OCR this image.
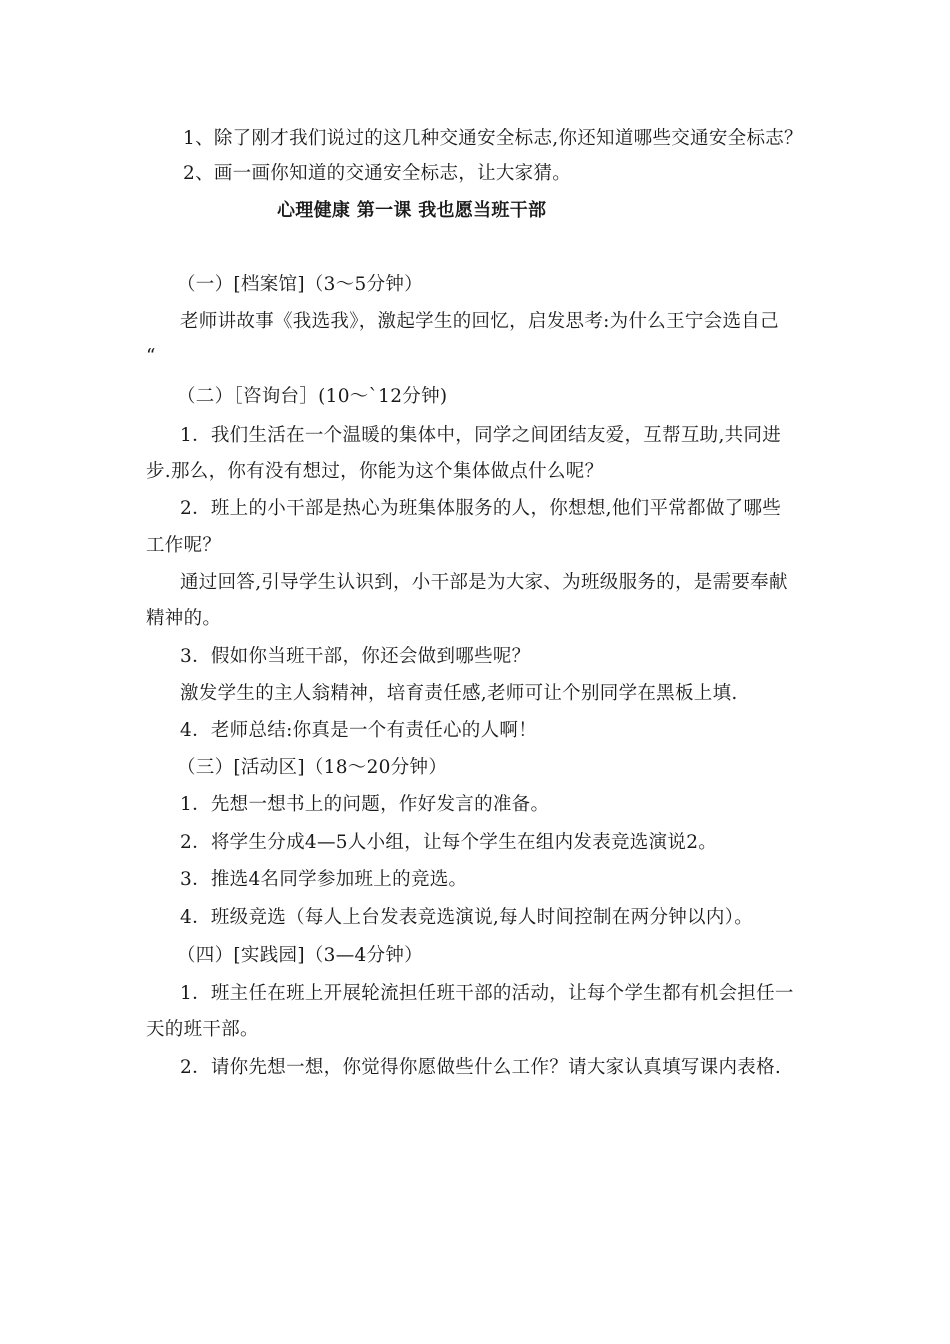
1、除了刚才我们说过的这几种交通安全标志,你还知道哪些交通安全标志？
2、画一画你知道的交通安全标志，让大家猜。
心理健康 第一课 我也愿当班干部
（一）[档案馆]（3～5分钟）
老师讲故事《我选我》，激起学生的回忆，启发思考:为什么王宁会选自己
“
（二）［咨询台］(10～`12分钟)
1．我们生活在一个温暖的集体中，同学之间团结友爱，互帮互助,共同进
步.那么，你有没有想过，你能为这个集体做点什么呢？
2．班上的小干部是热心为班集体服务的人，你想想,他们平常都做了哪些
工作呢？
通过回答,引导学生认识到，小干部是为大家、为班级服务的，是需要奉献
精神的。
3．假如你当班干部，你还会做到哪些呢？
激发学生的主人翁精神，培育责任感,老师可让个别同学在黑板上填.
4．老师总结:你真是一个有责任心的人啊！
（三）[活动区]（18～20分钟）
1．先想一想书上的问题，作好发言的准备。
2．将学生分成4—5人小组，让每个学生在组内发表竞选演说2。
3．推选4名同学参加班上的竞选。
4．班级竞选（每人上台发表竞选演说,每人时间控制在两分钟以内）。
（四）[实践园]（3—4分钟）
1．班主任在班上开展轮流担任班干部的活动，让每个学生都有机会担任一
天的班干部。
2．请你先想一想，你觉得你愿做些什么工作？请大家认真填写课内表格.
